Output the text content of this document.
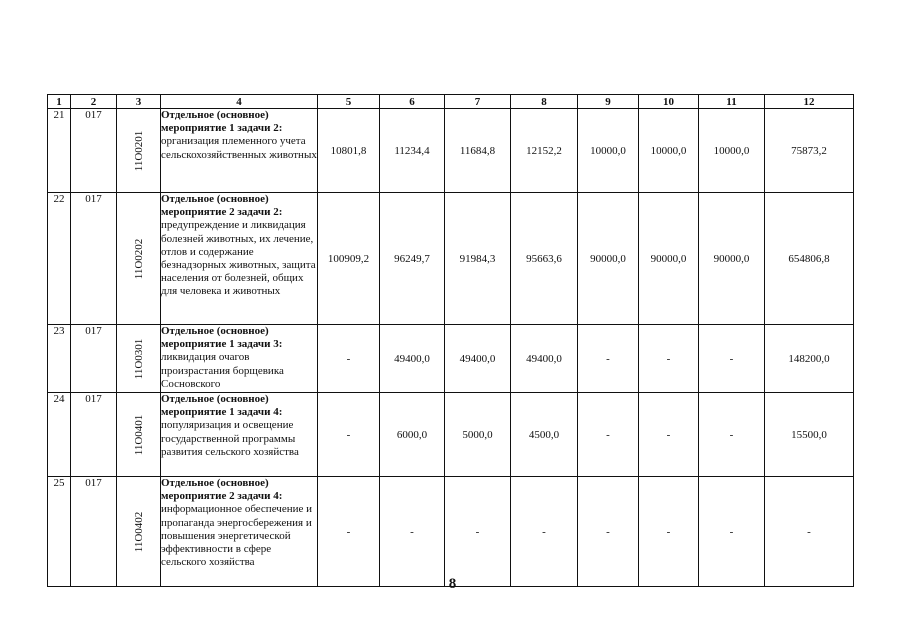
1	2	3	4	5	6	7	8	9	10	11	12
21	017	11О0201	Отдельное (основное) мероприятие 1 задачи 2:
организация племенного учета сельскохозяйственных животных	10801,8	11234,4	11684,8	12152,2	10000,0	10000,0	10000,0	75873,2
22	017	11О0202	Отдельное (основное) мероприятие 2 задачи 2:
предупреждение и ликвидация болезней животных, их лечение, отлов и содержание безнадзорных животных, защита населения от болезней, общих для человека и животных	100909,2	96249,7	91984,3	95663,6	90000,0	90000,0	90000,0	654806,8
23	017	11О0301	Отдельное (основное) мероприятие 1 задачи 3:
ликвидация очагов произрастания борщевика Сосновского	-	49400,0	49400,0	49400,0	-	-	-	148200,0
24	017	11О0401	Отдельное (основное) мероприятие 1 задачи 4:
популяризация и освещение государственной программы развития сельского хозяйства	-	6000,0	5000,0	4500,0	-	-	-	15500,0
25	017	11О0402	Отдельное (основное) мероприятие 2 задачи 4:
информационное обеспечение и пропаганда энергосбережения и повышения энергетической эффективности в сфере сельского хозяйства	-	-	-	-	-	-	-	-
8
